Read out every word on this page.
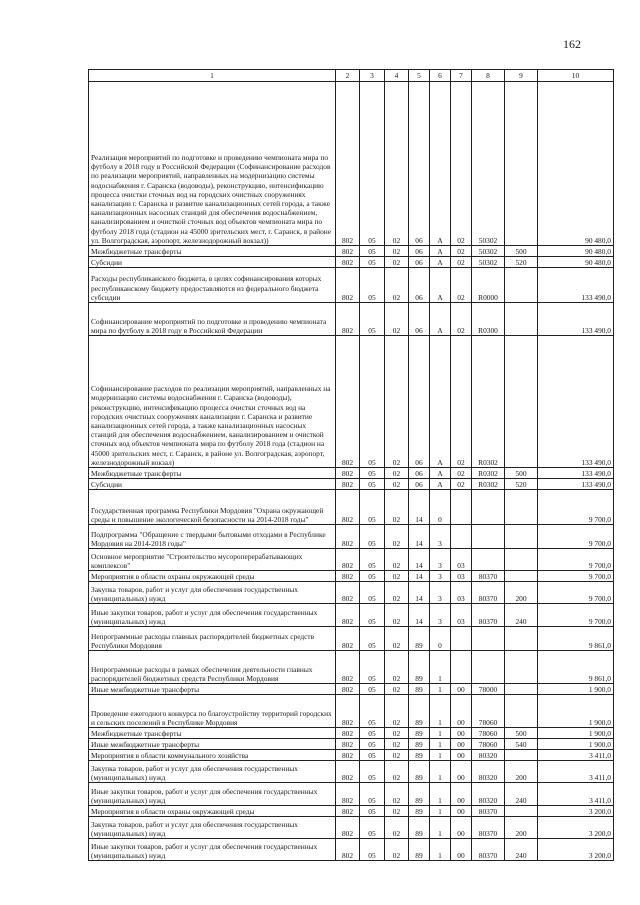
162
1	2	3	4	5	6	7	8	9	10
Реализация мероприятий по подготовке и проведению чемпионата мира по футболу в 2018 году в Российской Федерации (Софинансирование расходов по реализации мероприятий, направленных на модернизацию системы водоснабжения г. Саранска (водоводы), реконструкцию, интенсификацию процесса очистки сточных вод на городских очистных сооружениях канализации г. Саранска и развитие канализационных сетей города, а также канализационных насосных станций для обеспечения водоснабжением, канализированием и очисткой сточных вод объектов чемпионата мира по футболу 2018 года (стадион на 45000 зрительских мест, г. Саранск, в районе ул. Волгоградская, аэропорт, железнодорожный вокзал))	802	05	02	06	А	02	50302		90 480,0
Межбюджетные трансферты	802	05	02	06	А	02	50302	500	90 480,0
Субсидии	802	05	02	06	А	02	50302	520	90 480,0
Расходы республиканского бюджета, в целях софинансирования которых республиканскому бюджету предоставляются из федерального бюджета субсидии	802	05	02	06	А	02	R0000		133 490,0
Софинансирование мероприятий по подготовке и проведению чемпионата мира по футболу в 2018 году в Российской Федерации	802	05	02	06	А	02	R0300		133 490,0
Софинансирование расходов по реализации мероприятий, направленных на модернизацию системы водоснабжения г. Саранска (водоводы), реконструкцию, интенсификацию процесса очистки сточных вод на городских очистных сооружениях канализации г. Саранска и развитие канализационных сетей города, а также канализационных насосных станций для обеспечения водоснабжением, канализированием и очисткой сточных вод объектов чемпионата мира по футболу 2018 года (стадион на 45000 зрительских мест, г. Саранск, в районе ул. Волгоградская, аэропорт, железнодорожный вокзал)	802	05	02	06	А	02	R0302		133 490,0
Межбюджетные трансферты	802	05	02	06	А	02	R0302	500	133 490,0
Субсидии	802	05	02	06	А	02	R0302	520	133 490,0
Государственная программа Республики Мордовия "Охрана окружающей среды и повышение экологической безопасности на 2014-2018 годы"	802	05	02	14	0				9 700,0
Подпрограмма "Обращение с твердыми бытовыми отходами в Республике Мордовия на 2014-2018 годы"	802	05	02	14	3				9 700,0
Основное мероприятие "Строительство мусороперерабатывающих комплексов"	802	05	02	14	3	03			9 700,0
Мероприятия в области охраны окружающей среды	802	05	02	14	3	03	80370		9 700,0
Закупка товаров, работ и услуг для обеспечения государственных (муниципальных) нужд	802	05	02	14	3	03	80370	200	9 700,0
Иные закупки товаров, работ и услуг для обеспечения государственных (муниципальных) нужд	802	05	02	14	3	03	80370	240	9 700,0
Непрограммные расходы главных распорядителей бюджетных средств Республики Мордовия	802	05	02	89	0				9 861,0
Непрограммные расходы в рамках обеспечения деятельности главных распорядителей бюджетных средств Республики Мордовия	802	05	02	89	1				9 861,0
Иные межбюджетные трансферты	802	05	02	89	1	00	78000		1 900,0
Проведение ежегодного конкурса по благоустройству территорий городских и сельских поселений в Республике Мордовия	802	05	02	89	1	00	78060		1 900,0
Межбюджетные трансферты	802	05	02	89	1	00	78060	500	1 900,0
Иные межбюджетные трансферты	802	05	02	89	1	00	78060	540	1 900,0
Мероприятия в области коммунального хозяйства	802	05	02	89	1	00	80320		3 411,0
Закупка товаров, работ и услуг для обеспечения государственных (муниципальных) нужд	802	05	02	89	1	00	80320	200	3 411,0
Иные закупки товаров, работ и услуг для обеспечения государственных (муниципальных) нужд	802	05	02	89	1	00	80320	240	3 411,0
Мероприятия в области охраны окружающей среды	802	05	02	89	1	00	80370		3 200,0
Закупка товаров, работ и услуг для обеспечения государственных (муниципальных) нужд	802	05	02	89	1	00	80370	200	3 200,0
Иные закупки товаров, работ и услуг для обеспечения государственных (муниципальных) нужд	802	05	02	89	1	00	80370	240	3 200,0
